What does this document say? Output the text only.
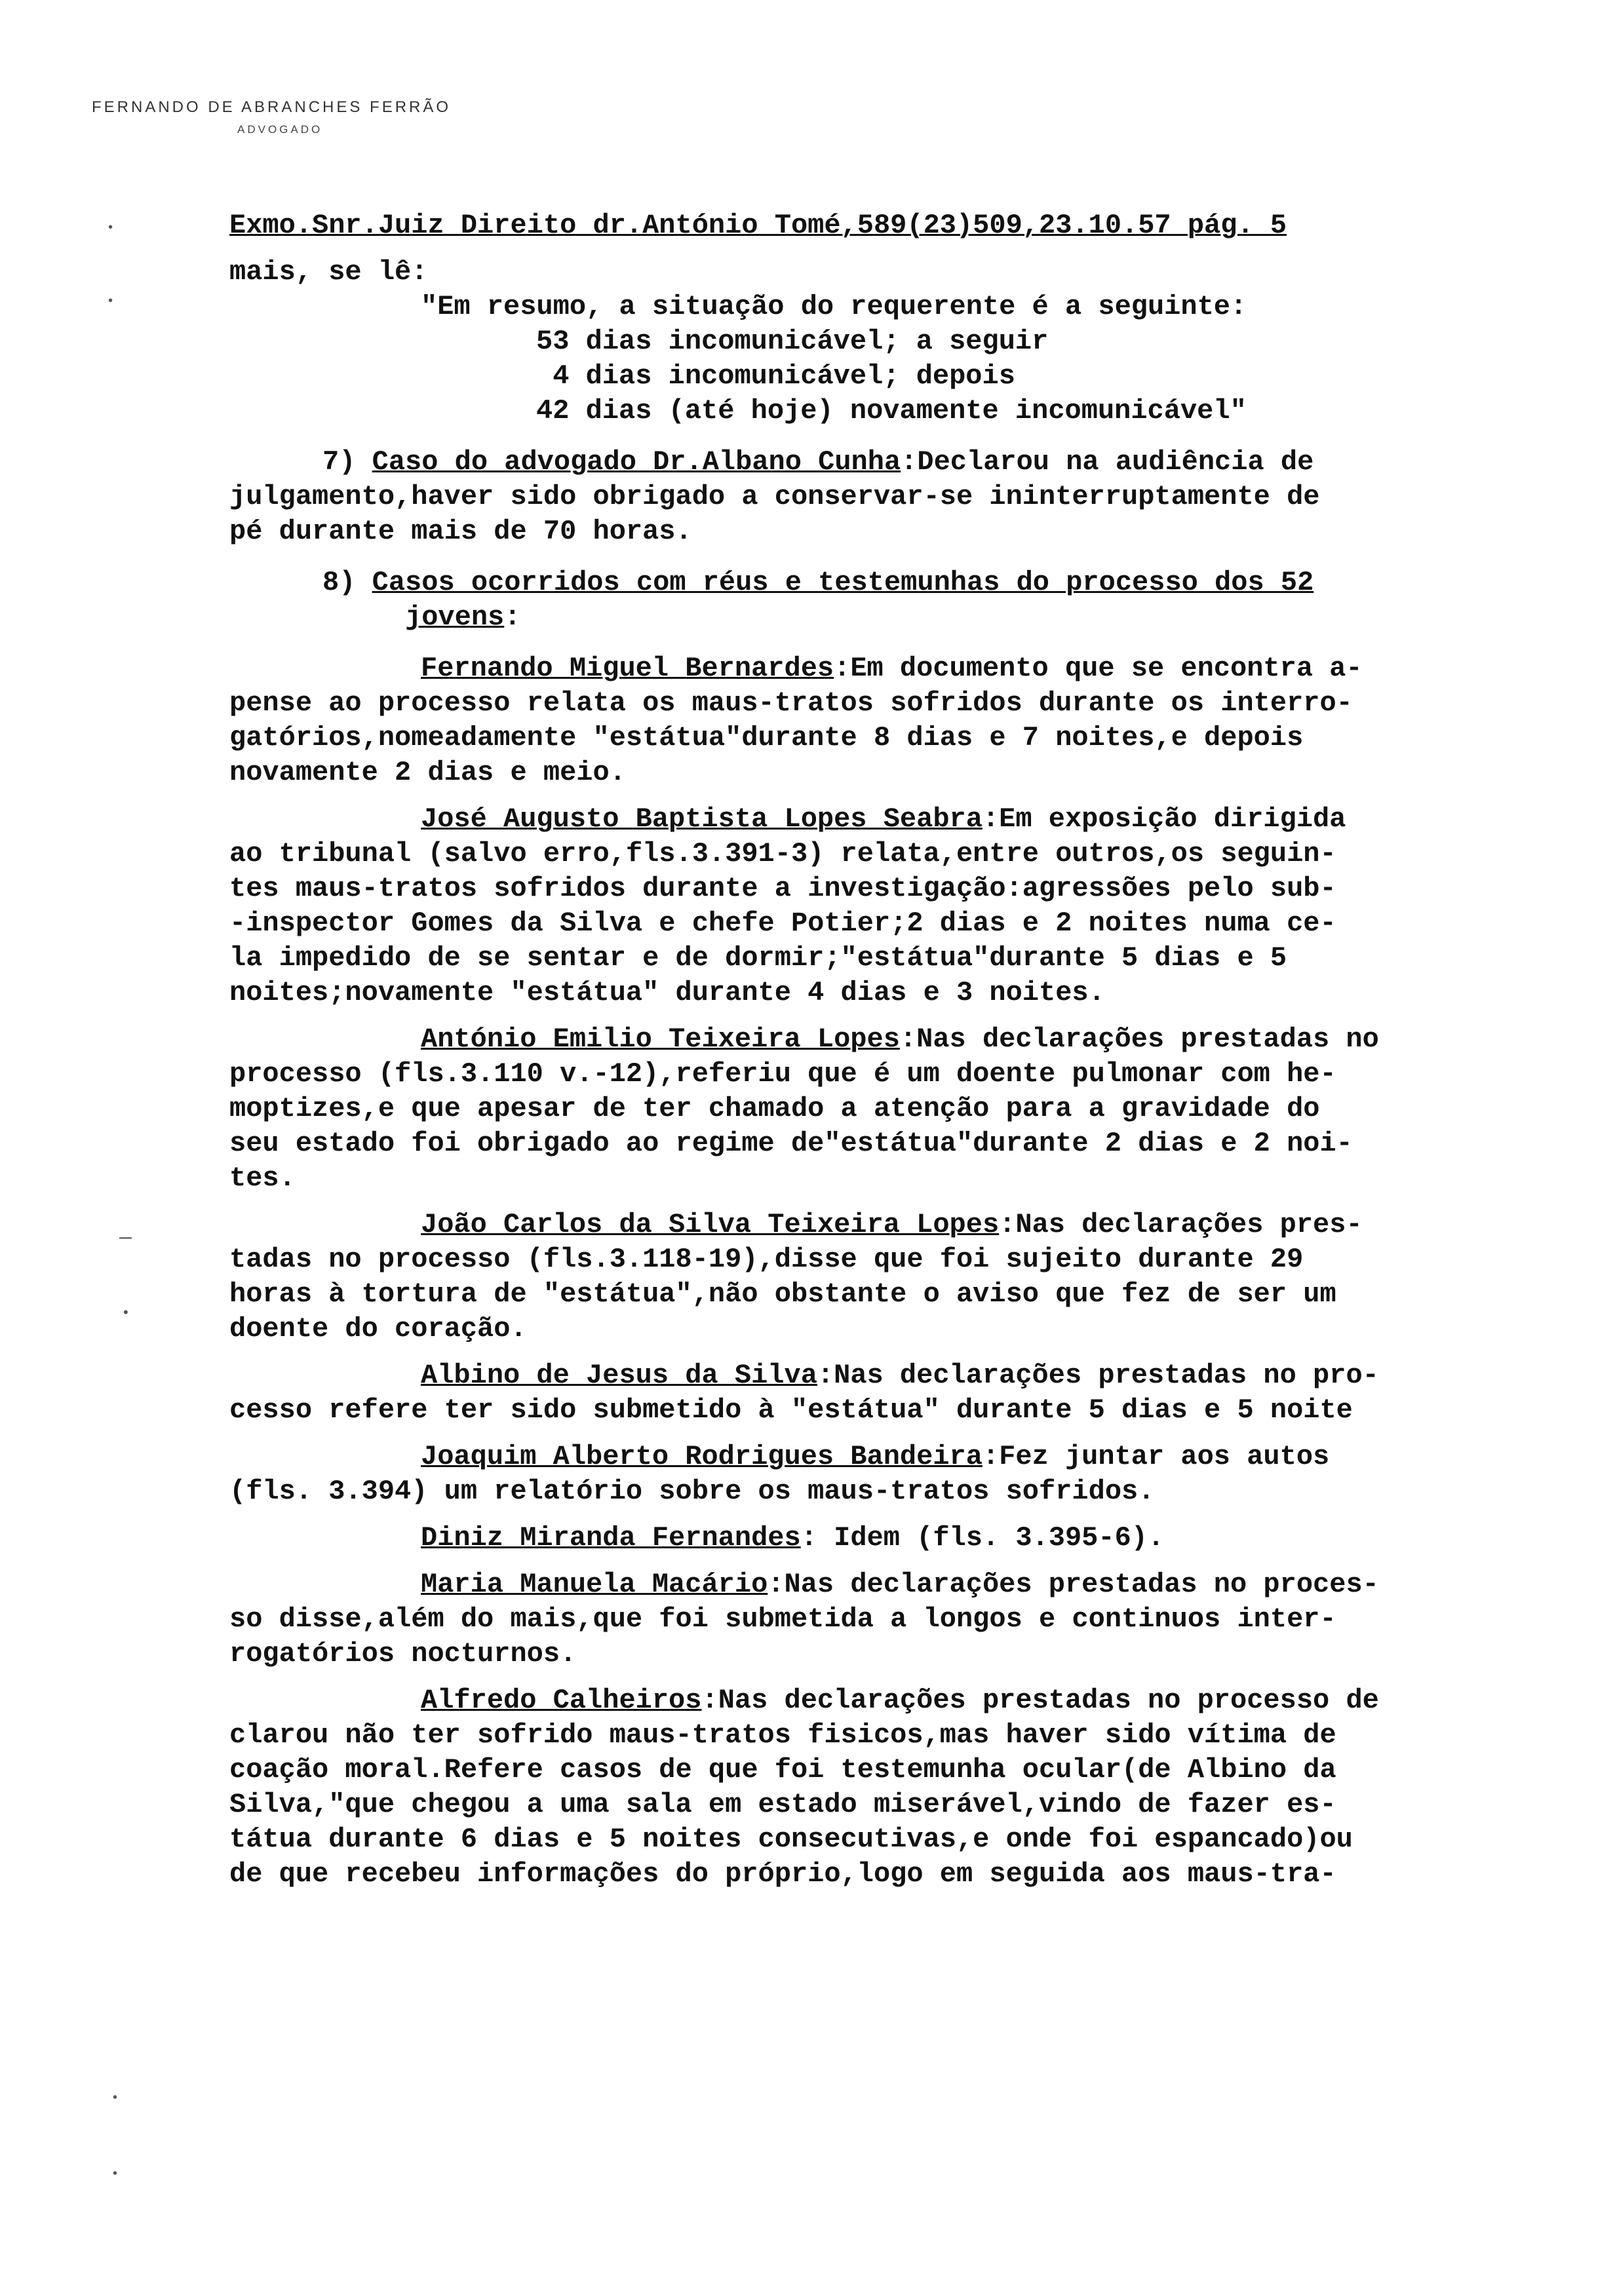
FERNANDO DE ABRANCHES FERRÃO
ADVOGADO
•
•
–
•
•
•

Exmo.Snr.Juiz Direito dr.António Tomé,589(23)509,23.10.57 pág. 5

mais, se lê:

"Em resumo, a situação do requerente é a seguinte:

53 dias incomunicável; a seguir

4 dias incomunicável; depois

42 dias (até hoje) novamente incomunicável"

7) Caso do advogado Dr.Albano Cunha:Declarou na audiência de

julgamento,haver sido obrigado a conservar-se ininterruptamente de

pé durante mais de 70 horas.

8) Casos ocorridos com réus e testemunhas do processo dos 52

jovens:

Fernando Miguel Bernardes:Em documento que se encontra a-

pense ao processo relata os maus-tratos sofridos durante os interro-

gatórios,nomeadamente "estátua"durante 8 dias e 7 noites,e depois

novamente 2 dias e meio.

José Augusto Baptista Lopes Seabra:Em exposição dirigida

ao tribunal (salvo erro,fls.3.391-3) relata,entre outros,os seguin-

tes maus-tratos sofridos durante a investigação:agressões pelo sub-

-inspector Gomes da Silva e chefe Potier;2 dias e 2 noites numa ce-

la impedido de se sentar e de dormir;"estátua"durante 5 dias e 5

noites;novamente "estátua" durante 4 dias e 3 noites.

António Emilio Teixeira Lopes:Nas declarações prestadas no

processo (fls.3.110 v.-12),referiu que é um doente pulmonar com he-

moptizes,e que apesar de ter chamado a atenção para a gravidade do

seu estado foi obrigado ao regime de"estátua"durante 2 dias e 2 noi-

tes.

João Carlos da Silva Teixeira Lopes:Nas declarações pres-

tadas no processo (fls.3.118-19),disse que foi sujeito durante 29

horas à tortura de "estátua",não obstante o aviso que fez de ser um

doente do coração.

Albino de Jesus da Silva:Nas declarações prestadas no pro-

cesso refere ter sido submetido à "estátua" durante 5 dias e 5 noite

Joaquim Alberto Rodrigues Bandeira:Fez juntar aos autos

(fls. 3.394) um relatório sobre os maus-tratos sofridos.

Diniz Miranda Fernandes: Idem (fls. 3.395-6).

Maria Manuela Macário:Nas declarações prestadas no proces-

so disse,além do mais,que foi submetida a longos e continuos inter-

rogatórios nocturnos.

Alfredo Calheiros:Nas declarações prestadas no processo de

clarou não ter sofrido maus-tratos fisicos,mas haver sido vítima de

coação moral.Refere casos de que foi testemunha ocular(de Albino da

Silva,"que chegou a uma sala em estado miserável,vindo de fazer es-

tátua durante 6 dias e 5 noites consecutivas,e onde foi espancado)ou

de que recebeu informações do próprio,logo em seguida aos maus-tra-
